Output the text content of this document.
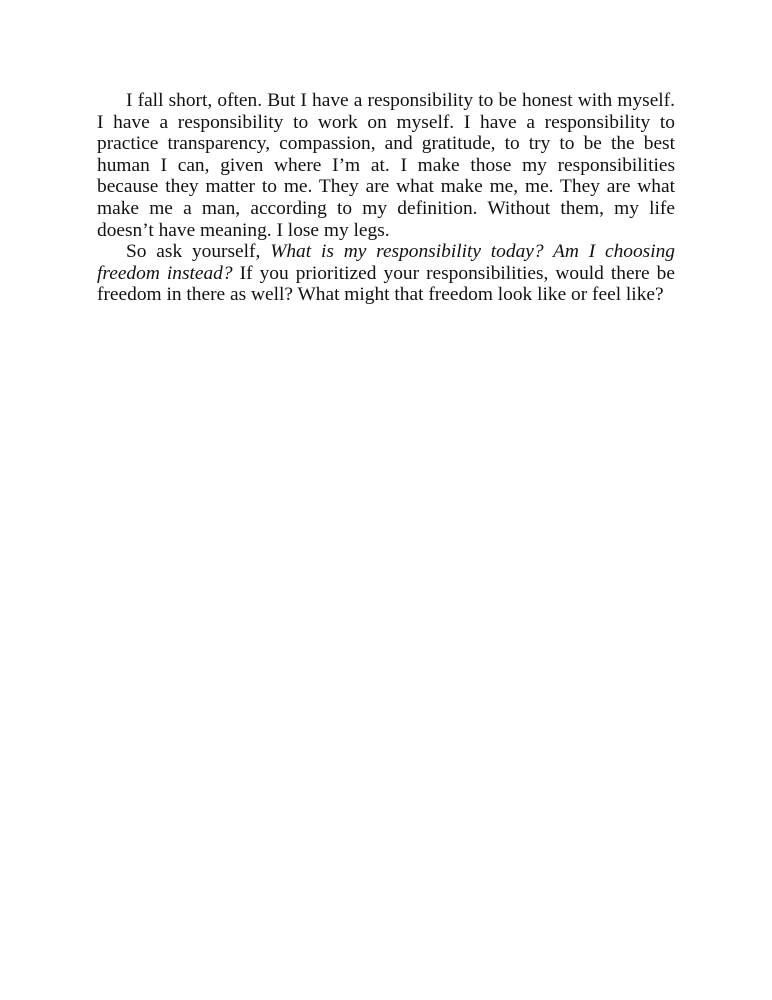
I fall short, often. But I have a responsibility to be honest with myself. I have a responsibility to work on myself. I have a responsibility to practice transparency, compassion, and gratitude, to try to be the best human I can, given where I’m at. I make those my responsibilities because they matter to me. They are what make me, me. They are what make me a man, according to my definition. Without them, my life doesn’t have meaning. I lose my legs.

So ask yourself, What is my responsibility today? Am I choosing freedom instead? If you prioritized your responsibilities, would there be freedom in there as well? What might that freedom look like or feel like?
